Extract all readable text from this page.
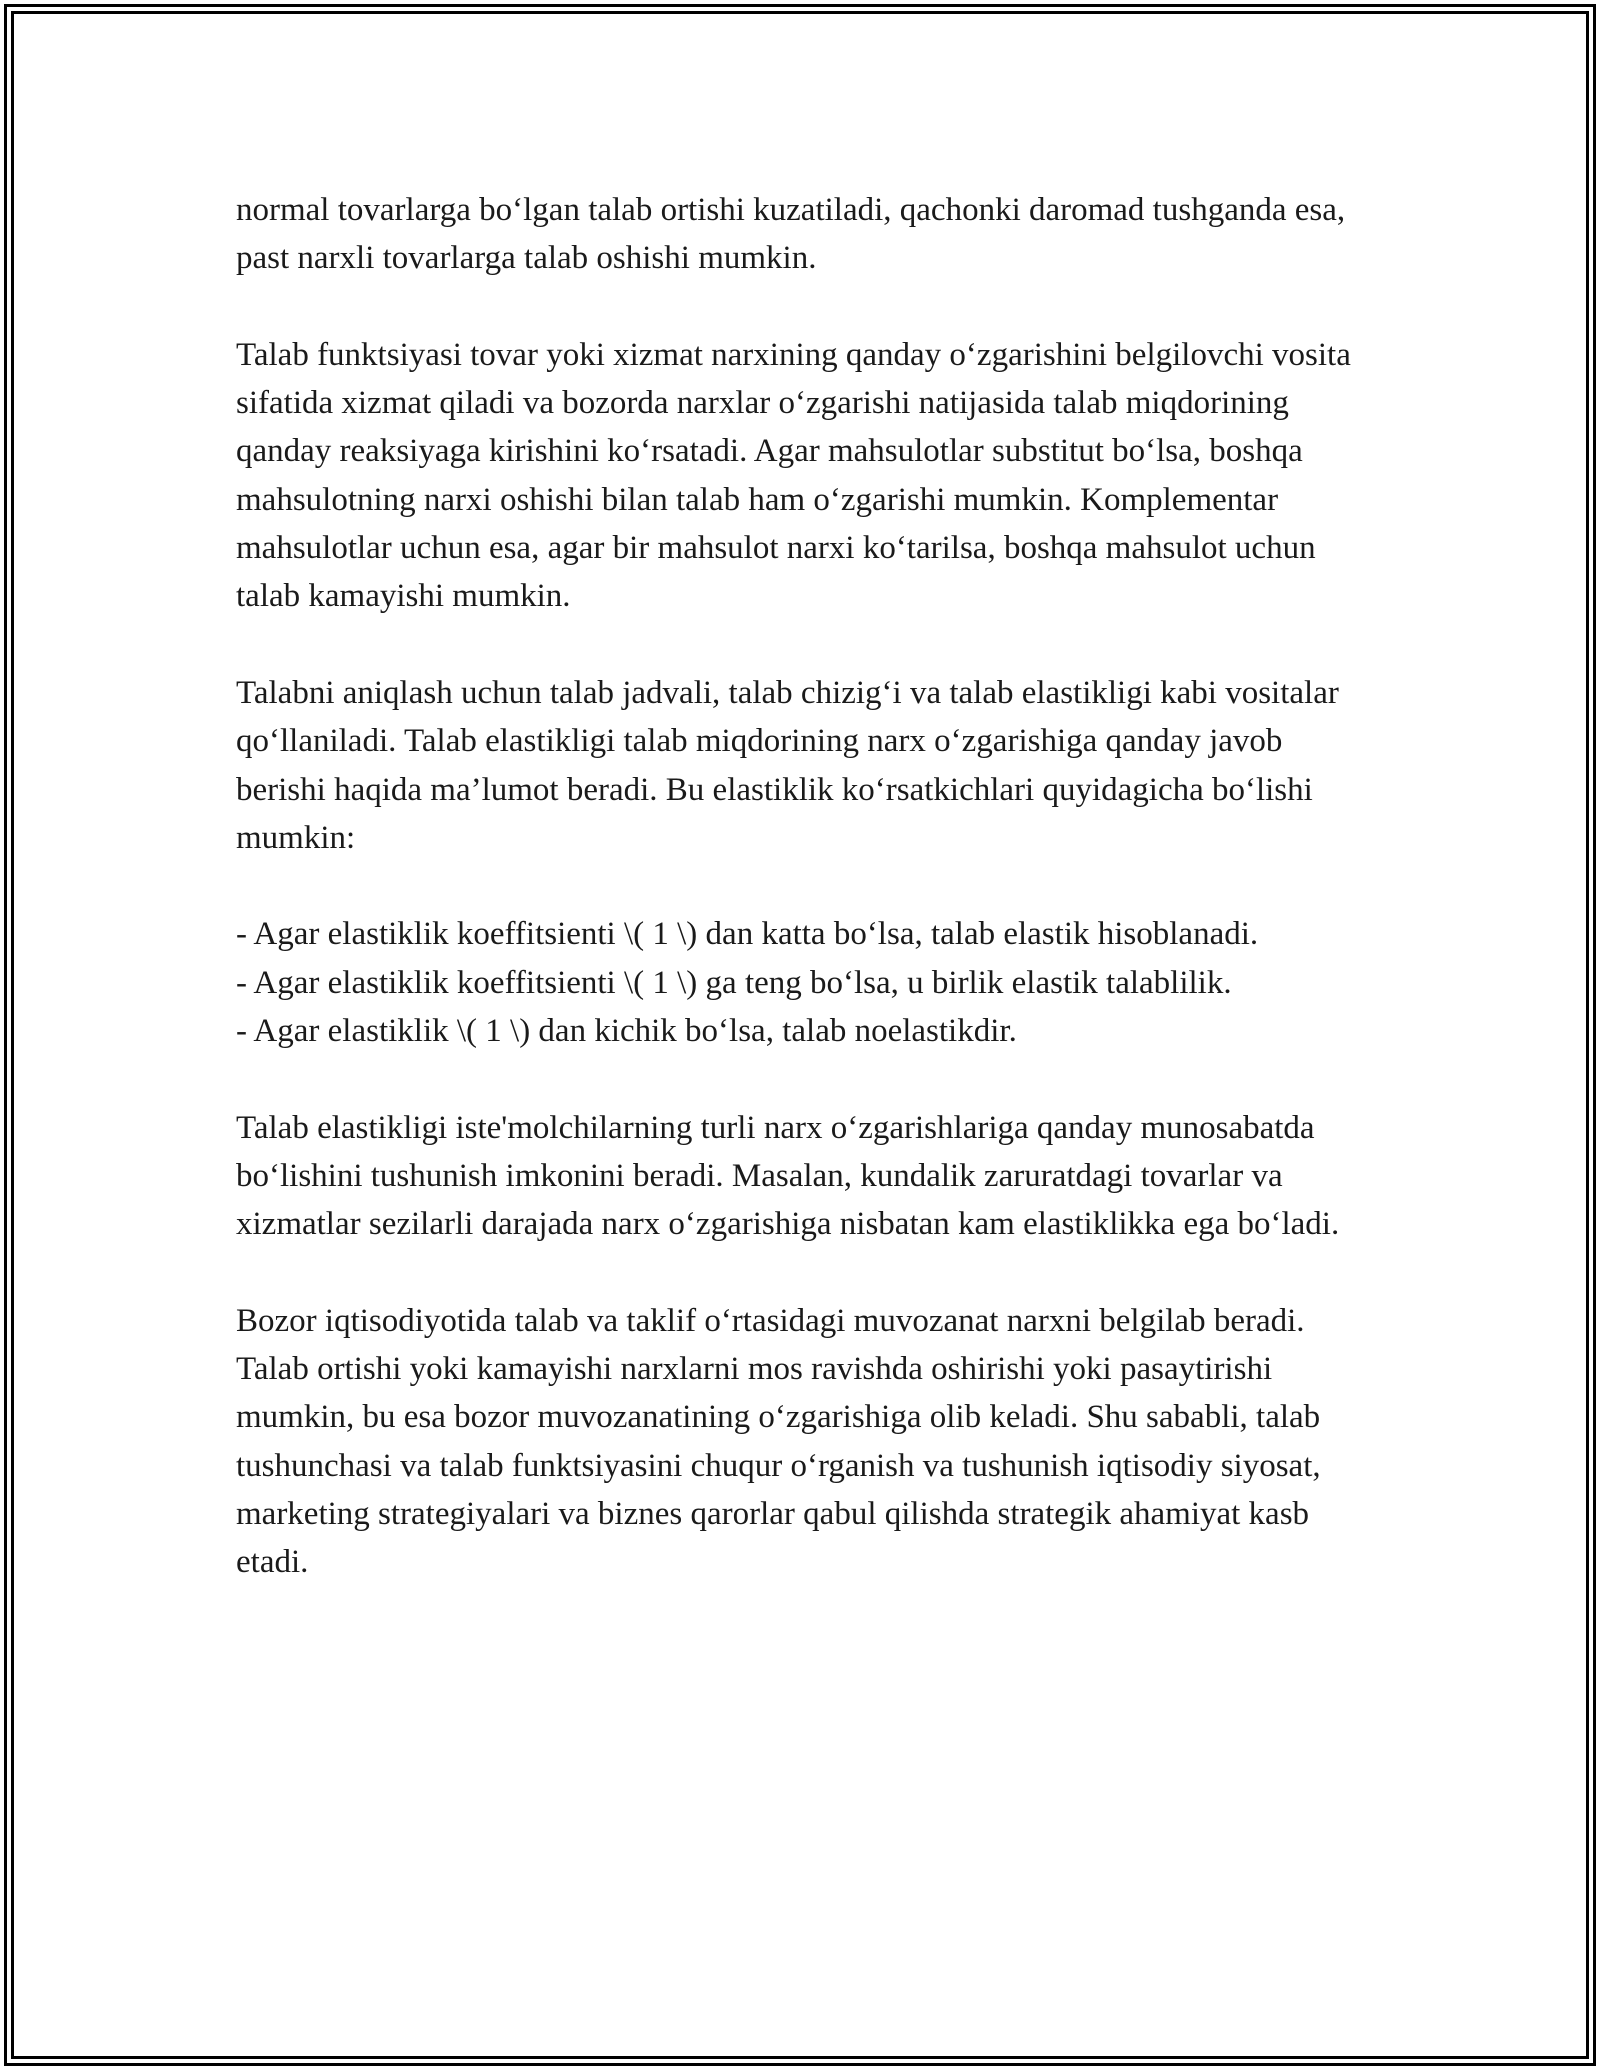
normal tovarlarga bo‘lgan talab ortishi kuzatiladi, qachonki daromad tushganda esa, past narxli tovarlarga talab oshishi mumkin.

Talab funktsiyasi tovar yoki xizmat narxining qanday o‘zgarishini belgilovchi vosita sifatida xizmat qiladi va bozorda narxlar o‘zgarishi natijasida talab miqdorining qanday reaksiyaga kirishini ko‘rsatadi. Agar mahsulotlar substitut bo‘lsa, boshqa mahsulotning narxi oshishi bilan talab ham o‘zgarishi mumkin. Komplementar mahsulotlar uchun esa, agar bir mahsulot narxi ko‘tarilsa, boshqa mahsulot uchun talab kamayishi mumkin.

Talabni aniqlash uchun talab jadvali, talab chizig‘i va talab elastikligi kabi vositalar qo‘llaniladi. Talab elastikligi talab miqdorining narx o‘zgarishiga qanday javob berishi haqida ma’lumot beradi. Bu elastiklik ko‘rsatkichlari quyidagicha bo‘lishi mumkin:

- Agar elastiklik koeffitsienti \( 1 \) dan katta bo‘lsa, talab elastik hisoblanadi.
- Agar elastiklik koeffitsienti \( 1 \) ga teng bo‘lsa, u birlik elastik talablilik.
- Agar elastiklik \( 1 \) dan kichik bo‘lsa, talab noelastikdir.

Talab elastikligi iste'molchilarning turli narx o‘zgarishlariga qanday munosabatda bo‘lishini tushunish imkonini beradi. Masalan, kundalik zaruratdagi tovarlar va xizmatlar sezilarli darajada narx o‘zgarishiga nisbatan kam elastiklikka ega bo‘ladi.

Bozor iqtisodiyotida talab va taklif o‘rtasidagi muvozanat narxni belgilab beradi. Talab ortishi yoki kamayishi narxlarni mos ravishda oshirishi yoki pasaytirishi mumkin, bu esa bozor muvozanatining o‘zgarishiga olib keladi. Shu sababli, talab tushunchasi va talab funktsiyasini chuqur o‘rganish va tushunish iqtisodiy siyosat, marketing strategiyalari va biznes qarorlar qabul qilishda strategik ahamiyat kasb etadi.
